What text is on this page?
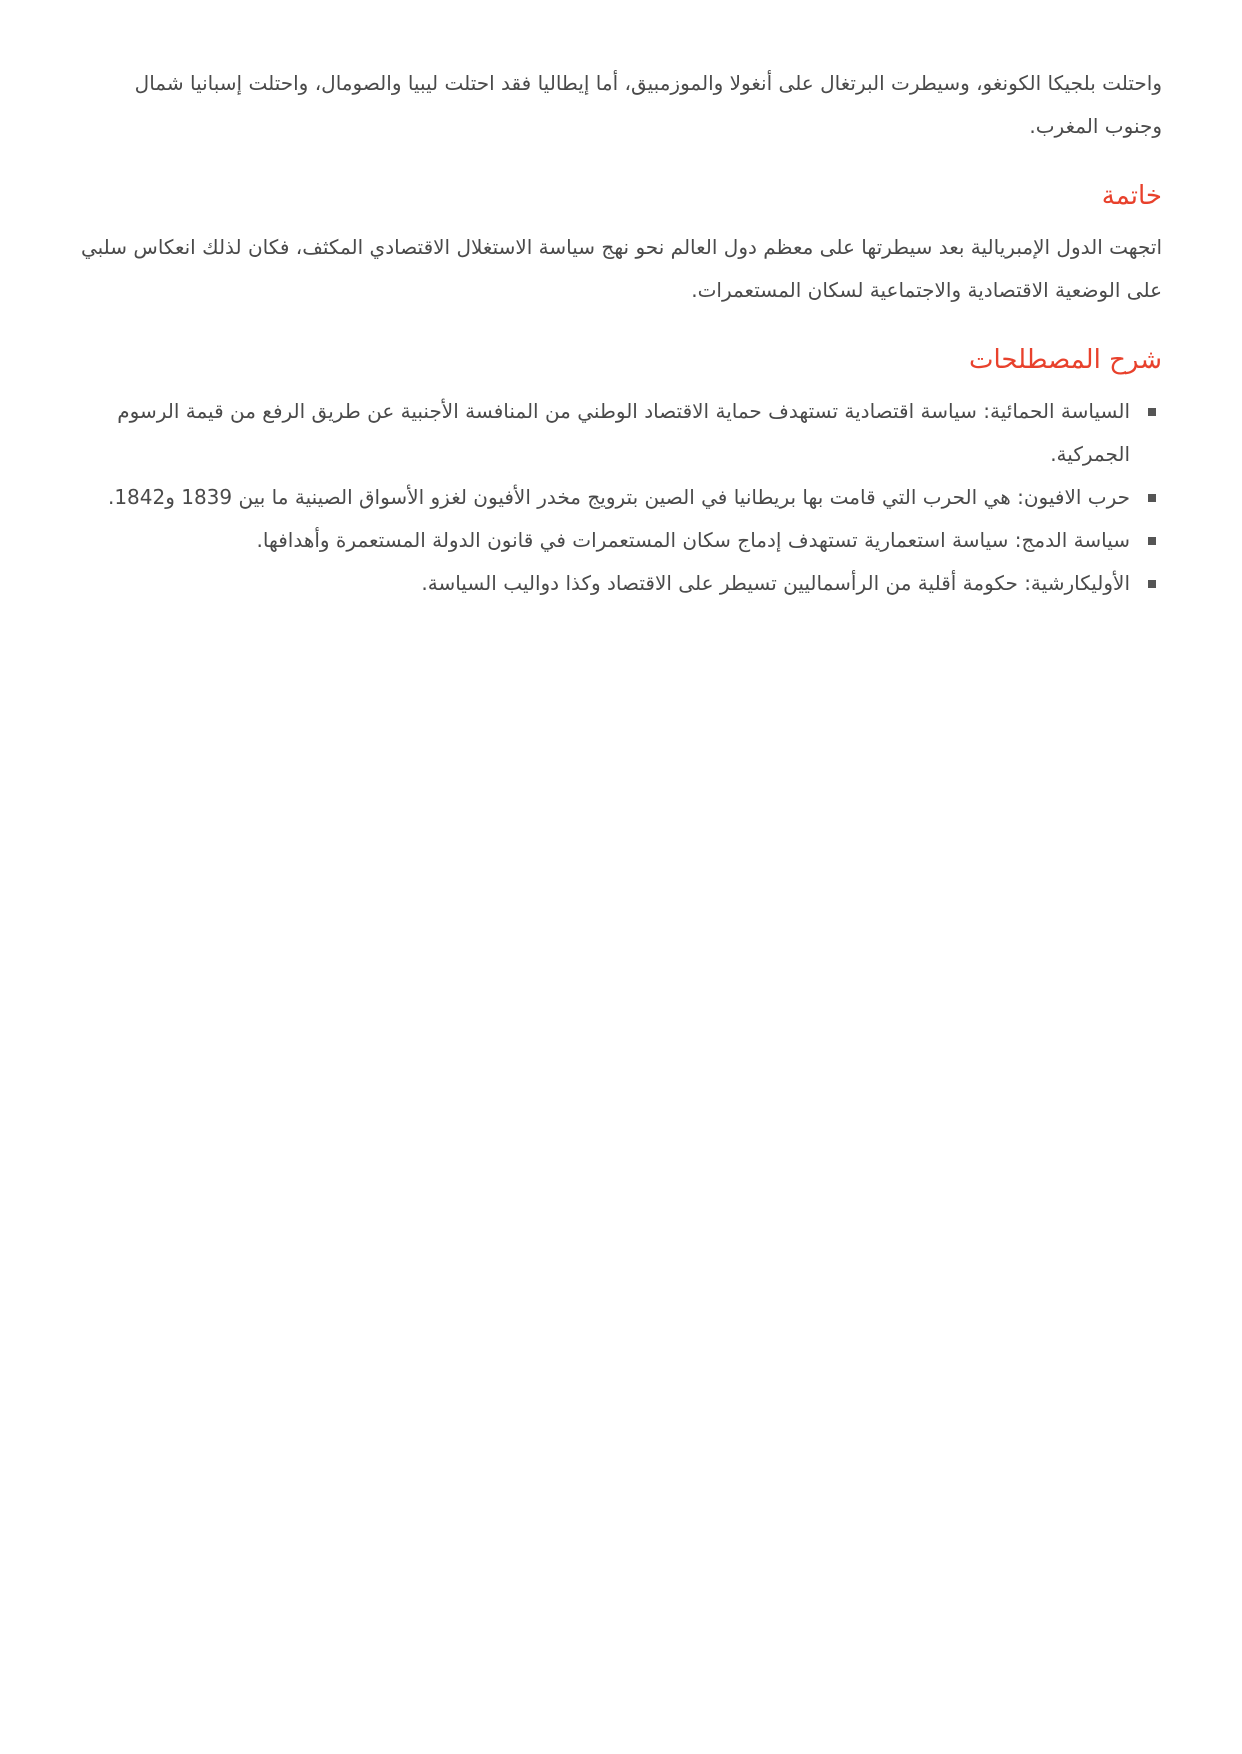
واحتلت بلجيكا الكونغو، وسيطرت البرتغال على أنغولا والموزمبيق، أما إيطاليا فقد احتلت ليبيا والصومال، واحتلت إسبانيا شمال وجنوب المغرب.

خاتمة

اتجهت الدول الإمبريالية بعد سيطرتها على معظم دول العالم نحو نهج سياسة الاستغلال الاقتصادي المكثف، فكان لذلك انعكاس سلبي على الوضعية الاقتصادية والاجتماعية لسكان المستعمرات.

شرح المصطلحات
السياسة الحمائية: سياسة اقتصادية تستهدف حماية الاقتصاد الوطني من المنافسة الأجنبية عن طريق الرفع من قيمة الرسوم الجمركية.
حرب الافيون: هي الحرب التي قامت بها بريطانيا في الصين بترويج مخدر الأفيون لغزو الأسواق الصينية ما بين 1839 و1842.
سياسة الدمج: سياسة استعمارية تستهدف إدماج سكان المستعمرات في قانون الدولة المستعمرة وأهدافها.
الأوليكارشية: حكومة أقلية من الرأسماليين تسيطر على الاقتصاد وكذا دواليب السياسة.
